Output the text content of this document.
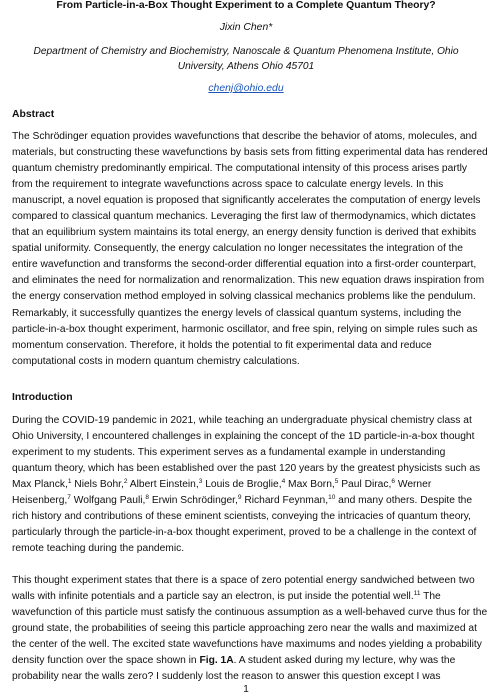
From Particle-in-a-Box Thought Experiment to a Complete Quantum Theory?
Jixin Chen*
Department of Chemistry and Biochemistry, Nanoscale & Quantum Phenomena Institute, Ohio University, Athens Ohio 45701
chenj@ohio.edu
Abstract

The Schrödinger equation provides wavefunctions that describe the behavior of atoms, molecules, and materials, but constructing these wavefunctions by basis sets from fitting experimental data has rendered quantum chemistry predominantly empirical. The computational intensity of this process arises partly from the requirement to integrate wavefunctions across space to calculate energy levels. In this manuscript, a novel equation is proposed that significantly accelerates the computation of energy levels compared to classical quantum mechanics. Leveraging the first law of thermodynamics, which dictates that an equilibrium system maintains its total energy, an energy density function is derived that exhibits spatial uniformity. Consequently, the energy calculation no longer necessitates the integration of the entire wavefunction and transforms the second-order differential equation into a first-order counterpart, and eliminates the need for normalization and renormalization. This new equation draws inspiration from the energy conservation method employed in solving classical mechanics problems like the pendulum. Remarkably, it successfully quantizes the energy levels of classical quantum systems, including the particle-in-a-box thought experiment, harmonic oscillator, and free spin, relying on simple rules such as momentum conservation. Therefore, it holds the potential to fit experimental data and reduce computational costs in modern quantum chemistry calculations.

Introduction

During the COVID-19 pandemic in 2021, while teaching an undergraduate physical chemistry class at Ohio University, I encountered challenges in explaining the concept of the 1D particle-in-a-box thought experiment to my students. This experiment serves as a fundamental example in understanding quantum theory, which has been established over the past 120 years by the greatest physicists such as Max Planck,$^1$ Niels Bohr,$^2$ Albert Einstein,$^3$ Louis de Broglie,$^4$ Max Born,$^5$ Paul Dirac,$^6$ Werner Heisenberg,$^7$ Wolfgang Pauli,$^8$ Erwin Schrödinger,$^9$ Richard Feynman,$^{10}$ and many others. Despite the rich history and contributions of these eminent scientists, conveying the intricacies of quantum theory, particularly through the particle-in-a-box thought experiment, proved to be a challenge in the context of remote teaching during the pandemic.

This thought experiment states that there is a space of zero potential energy sandwiched between two walls with infinite potentials and a particle say an electron, is put inside the potential well.$^{11}$ The wavefunction of this particle must satisfy the continuous assumption as a well-behaved curve thus for the ground state, the probabilities of seeing this particle approaching zero near the walls and maximized at the center of the well. The excited state wavefunctions have maximums and nodes yielding a probability density function over the space shown in Fig. 1A. A student asked during my lecture, why was the probability near the walls zero? I suddenly lost the reason to answer this question except I was

1
